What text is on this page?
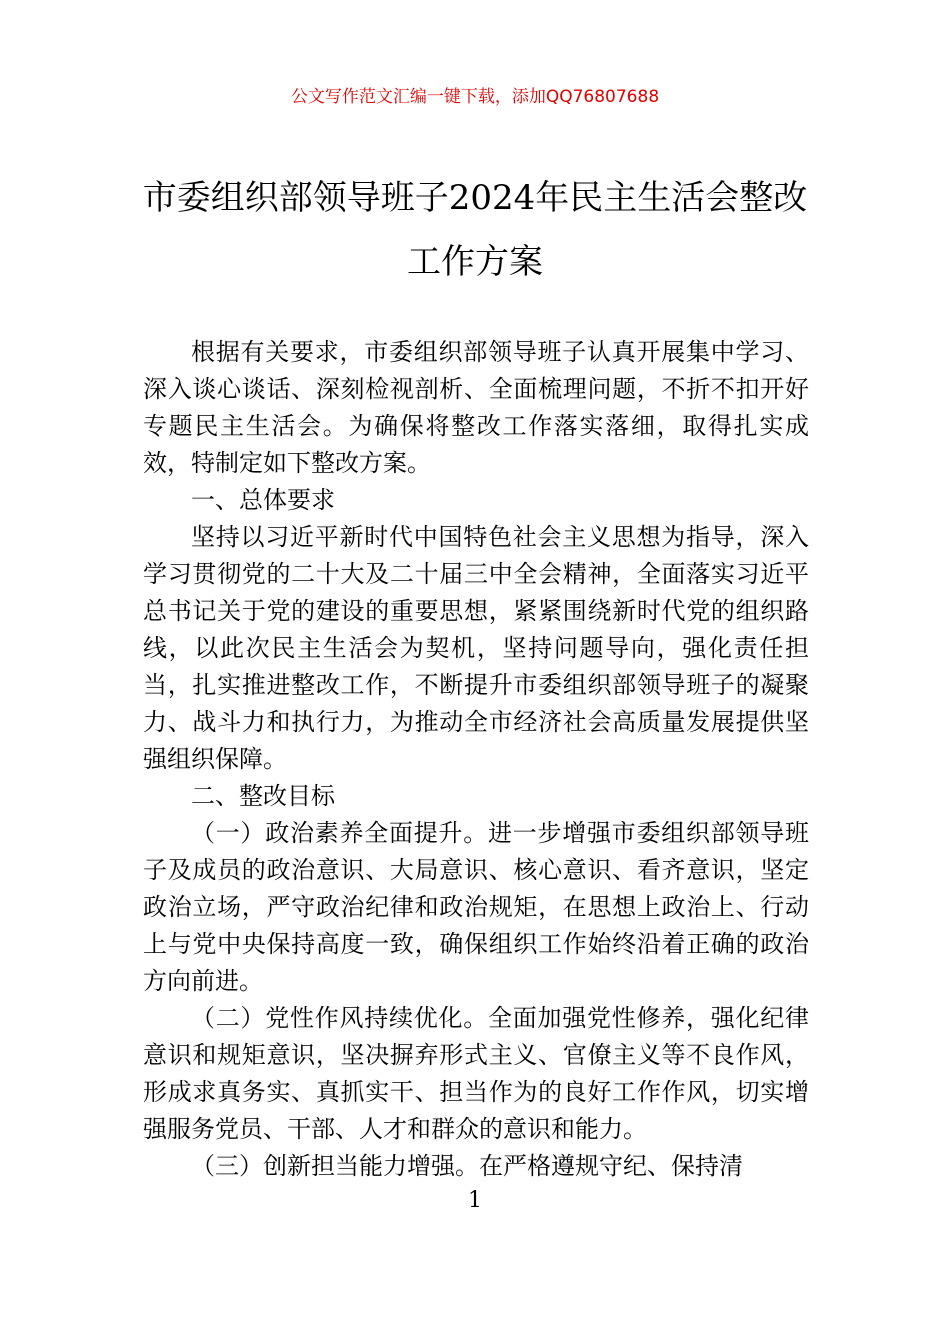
公文写作范文汇编一键下载，添加QQ76807688
市委组织部领导班子2024年民主生活会整改工作方案

根据有关要求，市委组织部领导班子认真开展集中学习、深入谈心谈话、深刻检视剖析、全面梳理问题，不折不扣开好专题民主生活会。为确保将整改工作落实落细，取得扎实成效，特制定如下整改方案。

一、总体要求

坚持以习近平新时代中国特色社会主义思想为指导，深入学习贯彻党的二十大及二十届三中全会精神，全面落实习近平总书记关于党的建设的重要思想，紧紧围绕新时代党的组织路线，以此次民主生活会为契机，坚持问题导向，强化责任担当，扎实推进整改工作，不断提升市委组织部领导班子的凝聚力、战斗力和执行力，为推动全市经济社会高质量发展提供坚强组织保障。

二、整改目标

（一）政治素养全面提升。进一步增强市委组织部领导班子及成员的政治意识、大局意识、核心意识、看齐意识，坚定政治立场，严守政治纪律和政治规矩，在思想上政治上、行动上与党中央保持高度一致，确保组织工作始终沿着正确的政治方向前进。

（二）党性作风持续优化。全面加强党性修养，强化纪律意识和规矩意识，坚决摒弃形式主义、官僚主义等不良作风，形成求真务实、真抓实干、担当作为的良好工作作风，切实增强服务党员、干部、人才和群众的意识和能力。

（三）创新担当能力增强。在严格遵规守纪、保持清

1
